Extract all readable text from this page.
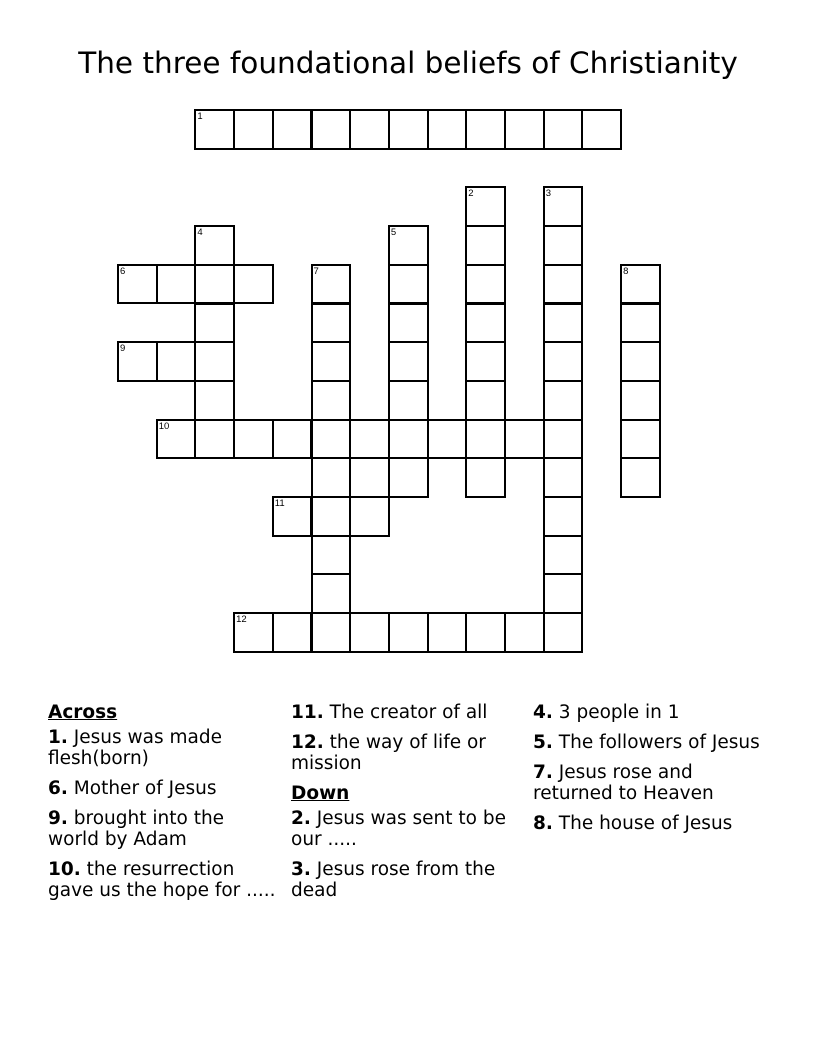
The three foundational beliefs of Christianity
1
2	3
4	5
6	7	8
9
10
11
12
Across
1. Jesus was made flesh(born)
6. Mother of Jesus
9. brought into the world by Adam
10. the resurrection gave us the hope for .....
11. The creator of all
12. the way of life or mission
Down
2. Jesus was sent to be our .....
3. Jesus rose from the dead
4. 3 people in 1
5. The followers of Jesus
7. Jesus rose and returned to Heaven
8. The house of Jesus
